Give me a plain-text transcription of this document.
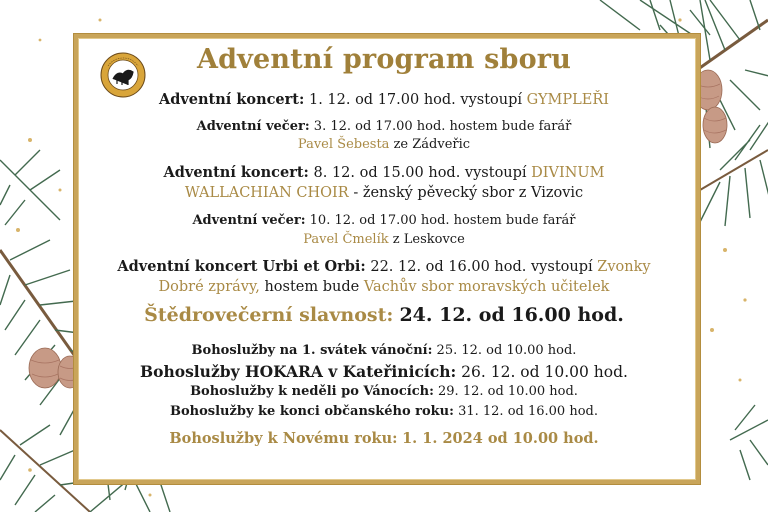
Adventní program sboru
Adventní koncert: 1. 12. od 17.00 hod. vystoupí GYMPLEŘI
Adventní večer: 3. 12. od 17.00 hod. hostem bude farář
Pavel Šebesta ze Zádveřic
Adventní koncert: 8. 12. od 15.00 hod. vystoupí DIVINUM
WALLACHIAN CHOIR - ženský pěvecký sbor z Vizovic
Adventní večer: 10. 12. od 17.00 hod. hostem bude farář
Pavel Čmelík z Leskovce
Adventní koncert Urbi et Orbi: 22. 12. od 16.00 hod. vystoupí Zvonky
Dobré zprávy, hostem bude Vachův sbor moravských učitelek
Štědrovečerní slavnost: 24. 12. od 16.00 hod.
Bohoslužby na 1. svátek vánoční: 25. 12. od 10.00 hod.
Bohoslužby HOKARA v Kateřinicích: 26. 12. od 10.00 hod.
Bohoslužby k neděli po Vánocích: 29. 12. od 10.00 hod.
Bohoslužby ke konci občanského roku: 31. 12. od 16.00 hod.
Bohoslužby k Novému roku: 1. 1. 2024 od 10.00 hod.
